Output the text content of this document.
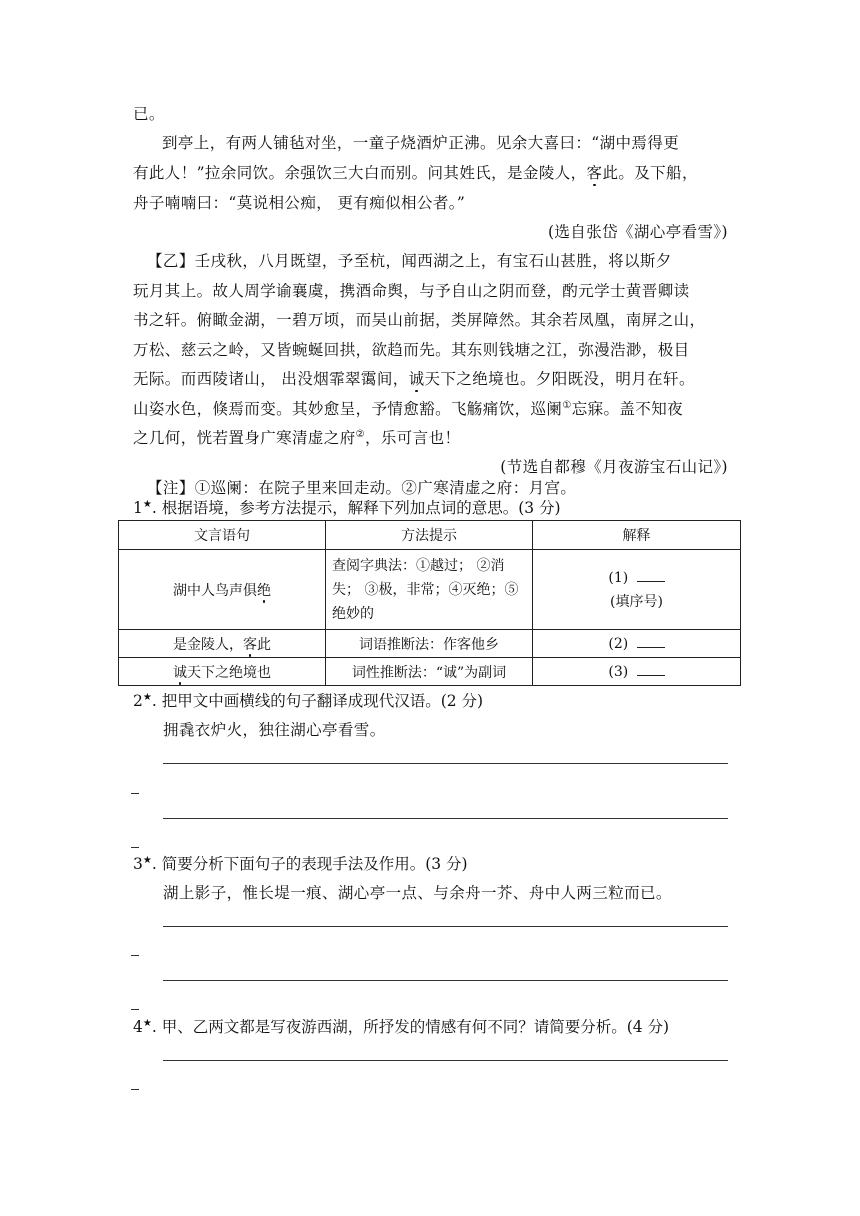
已。
到亭上，有两人铺毡对坐，一童子烧酒炉正沸。见余大喜曰：“湖中焉得更
有此人！”拉余同饮。余强饮三大白而别。问其姓氏，是金陵人，客此。及下船，
舟子喃喃曰：“莫说相公痴， 更有痴似相公者。”
(选自张岱《湖心亭看雪》)
【乙】壬戌秋，八月既望，予至杭，闻西湖之上，有宝石山甚胜，将以斯夕
玩月其上。故人周学谕襄虞，携酒命舆，与予自山之阴而登，酌元学士黄晋卿读
书之轩。俯瞰金湖，一碧万顷，而吴山前据，类屏障然。其余若凤凰，南屏之山，
万松、慈云之岭，又皆蜿蜒回拱，欲趋而先。其东则钱塘之江，弥漫浩渺，极目
无际。而西陵诸山， 出没烟霏翠霭间，诚天下之绝境也。夕阳既没，明月在轩。
山姿水色，倏焉而变。其妙愈呈，予情愈豁。飞觞痛饮，巡阑①忘寐。盖不知夜
之几何，恍若置身广寒清虚之府②，乐可言也！
(节选自都穆《月夜游宝石山记》)
【注】①巡阑：在院子里来回走动。②广寒清虚之府：月宫。
1★. 根据语境，参考方法提示，解释下列加点词的意思。(3 分)
文言语句	方法提示	解释
湖中人鸟声俱绝	查阅字典法：①越过； ②消失； ③极，非常；④灭绝；⑤绝妙的	(1)
(填序号)

是金陵人，客此	词语推断法：作客他乡	(2)
诚天下之绝境也	词性推断法：“诚”为副词	(3)
2★. 把甲文中画横线的句子翻译成现代汉语。(2 分)
拥毳衣炉火，独往湖心亭看雪。
3★. 简要分析下面句子的表现手法及作用。(3 分)
湖上影子，惟长堤一痕、湖心亭一点、与余舟一芥、舟中人两三粒而已。
4★. 甲、乙两文都是写夜游西湖，所抒发的情感有何不同？请简要分析。(4 分)
